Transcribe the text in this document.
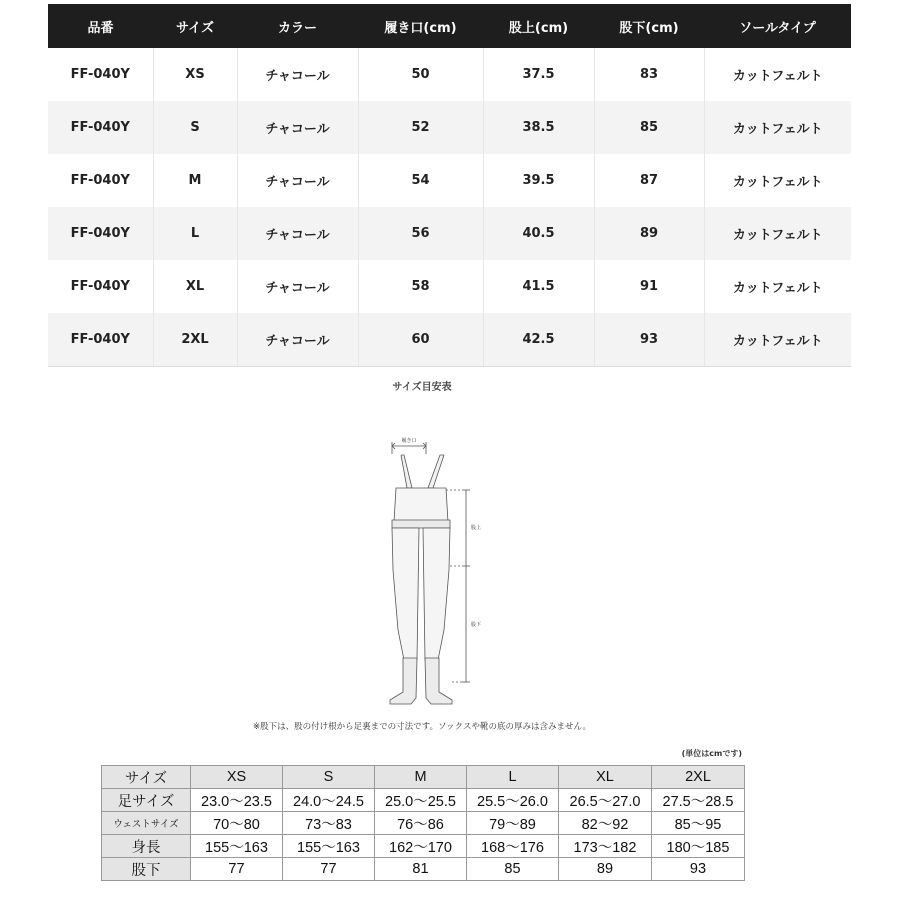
品番	サイズ	カラー	履き口(cm)	股上(cm)	股下(cm)	ソールタイプ
FF-040Y	XS	チャコール	50	37.5	83	カットフェルト
FF-040Y	S	チャコール	52	38.5	85	カットフェルト
FF-040Y	M	チャコール	54	39.5	87	カットフェルト
FF-040Y	L	チャコール	56	40.5	89	カットフェルト
FF-040Y	XL	チャコール	58	41.5	91	カットフェルト
FF-040Y	2XL	チャコール	60	42.5	93	カットフェルト
サイズ目安表
履き口
股上
股下
※股下は、股の付け根から足裏までの寸法です。ソックスや靴の底の厚みは含みません。
(単位はcmです)
サイズ	XS	S	M	L	XL	2XL
足サイズ	23.0〜23.5	24.0〜24.5	25.0〜25.5	25.5〜26.0	26.5〜27.0	27.5〜28.5
ウェストサイズ	70〜80	73〜83	76〜86	79〜89	82〜92	85〜95
身長	155〜163	155〜163	162〜170	168〜176	173〜182	180〜185
股下	77	77	81	85	89	93
